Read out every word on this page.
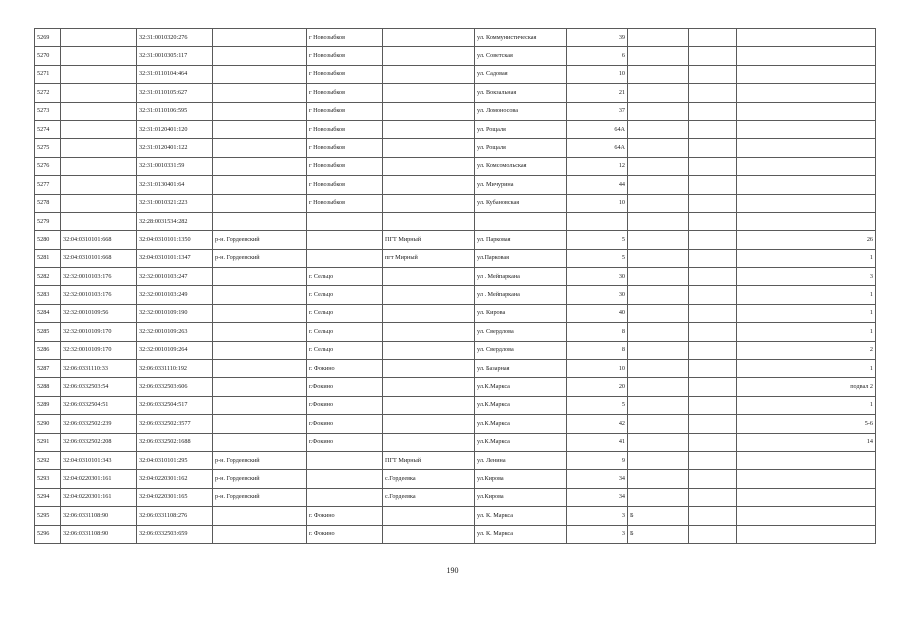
5269		32:31:0010320:276		г Новозыбков		ул. Коммунистическая	39			
5270		32:31:0010305:117		г Новозыбков		ул. Советская	6			
5271		32:31:0110104:464		г Новозыбков		ул. Садовая	10			
5272		32:31:0110105:627		г Новозыбков		ул. Вокзальная	21			
5273		32:31:0110106:595		г Новозыбков		ул. Ломоносова	37			
5274		32:31:0120401:120		г Новозыбков		ул. Рощаля	64А			
5275		32:31:0120401:122		г Новозыбков		ул. Рощаля	64А			
5276		32:31:0010331:59		г Новозыбков		ул. Комсомольская	12			
5277		32:31:0130401:64		г Новозыбков		ул. Мичурина	44			
5278		32:31:0010321:223		г Новозыбков		ул. Кубановская	10			
5279		32:28:0031534:282								
5280	32:04:0310101:668	32:04:0310101:1350	р-н. Гордеевский		ПГТ Мирный	ул. Парковая	5			26
5281	32:04:0310101:668	32:04:0310101:1347	р-н. Гордеевский		пгт Мирный	ул.Парковая	5			1
5282	32:32:0010103:176	32:32:0010103:247		г. Сельцо		ул . Мейпаркана	30			3
5283	32:32:0010103:176	32:32:0010103:249		г. Сельцо		ул . Мейпаркана	30			1
5284	32:32:0010109:56	32:32:0010109:190		г. Сельцо		ул. Кирова	40			1
5285	32:32:0010109:170	32:32:0010109:263		г. Сельцо		ул. Свердлова	8			1
5286	32:32:0010109:170	32:32:0010109:264		г. Сельцо		ул. Свердлова	8			2
5287	32:06:0331110:33	32:06:0331110:192		г. Фокино		ул. Базарная	10			1
5288	32:06:0332503:54	32:06:0332503:606		г.Фокино		ул.К.Маркса	20			подвал 2
5289	32:06:0332504:51	32:06:0332504:517		г.Фокино		ул.К.Маркса	5			1
5290	32:06:0332502:239	32:06:0332502:3577		г.Фокино		ул.К.Маркса	42			5-6
5291	32:06:0332502:208	32:06:0332502:1688		г.Фокино		ул.К.Маркса	41			14
5292	32:04:0310101:343	32:04:0310101:295	р-н. Гордеевский		ПГТ Мирный	ул. Ленина	9			
5293	32:04:0220301:161	32:04:0220301:162	р-н. Гордеевский		с.Гордеевка	ул.Кирова	34			
5294	32:04:0220301:161	32:04:0220301:165	р-н. Гордеевский		с.Гордеевка	ул.Кирова	34			
5295	32:06:0331108:90	32:06:0331108:276		г. Фокино		ул. К. Маркса	3	Б		
5296	32:06:0331108:90	32:06:0332503:659		г. Фокино		ул. К. Маркса	3	Б		
190
